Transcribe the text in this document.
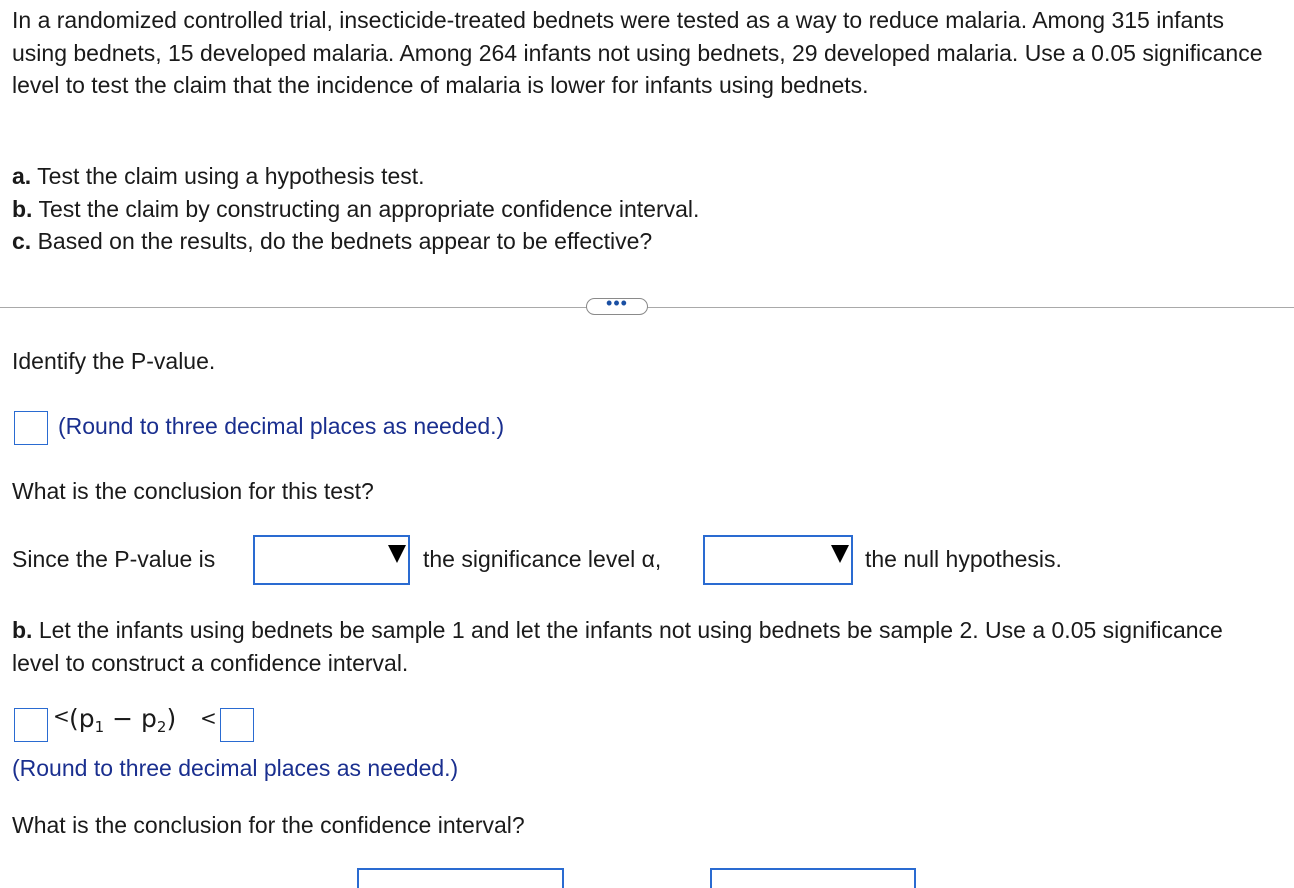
In a randomized controlled trial, insecticide-treated bednets were tested as a way to reduce malaria. Among 315 infants using bednets, 15 developed malaria. Among 264 infants not using bednets, 29 developed malaria. Use a 0.05 significance level to test the claim that the incidence of malaria is lower for infants using bednets.
a. Test the claim using a hypothesis test.
b. Test the claim by constructing an appropriate confidence interval.
c. Based on the results, do the bednets appear to be effective?
•••
Identify the P-value.
(Round to three decimal places as needed.)
What is the conclusion for this test?
Since the P-value is	the significance level α,	the null hypothesis.
b. Let the infants using bednets be sample 1 and let the infants not using bednets be sample 2. Use a 0.05 significance level to construct a confidence interval.
< $(p_1 - p_2)$ <
(Round to three decimal places as needed.)
What is the conclusion for the confidence interval?
